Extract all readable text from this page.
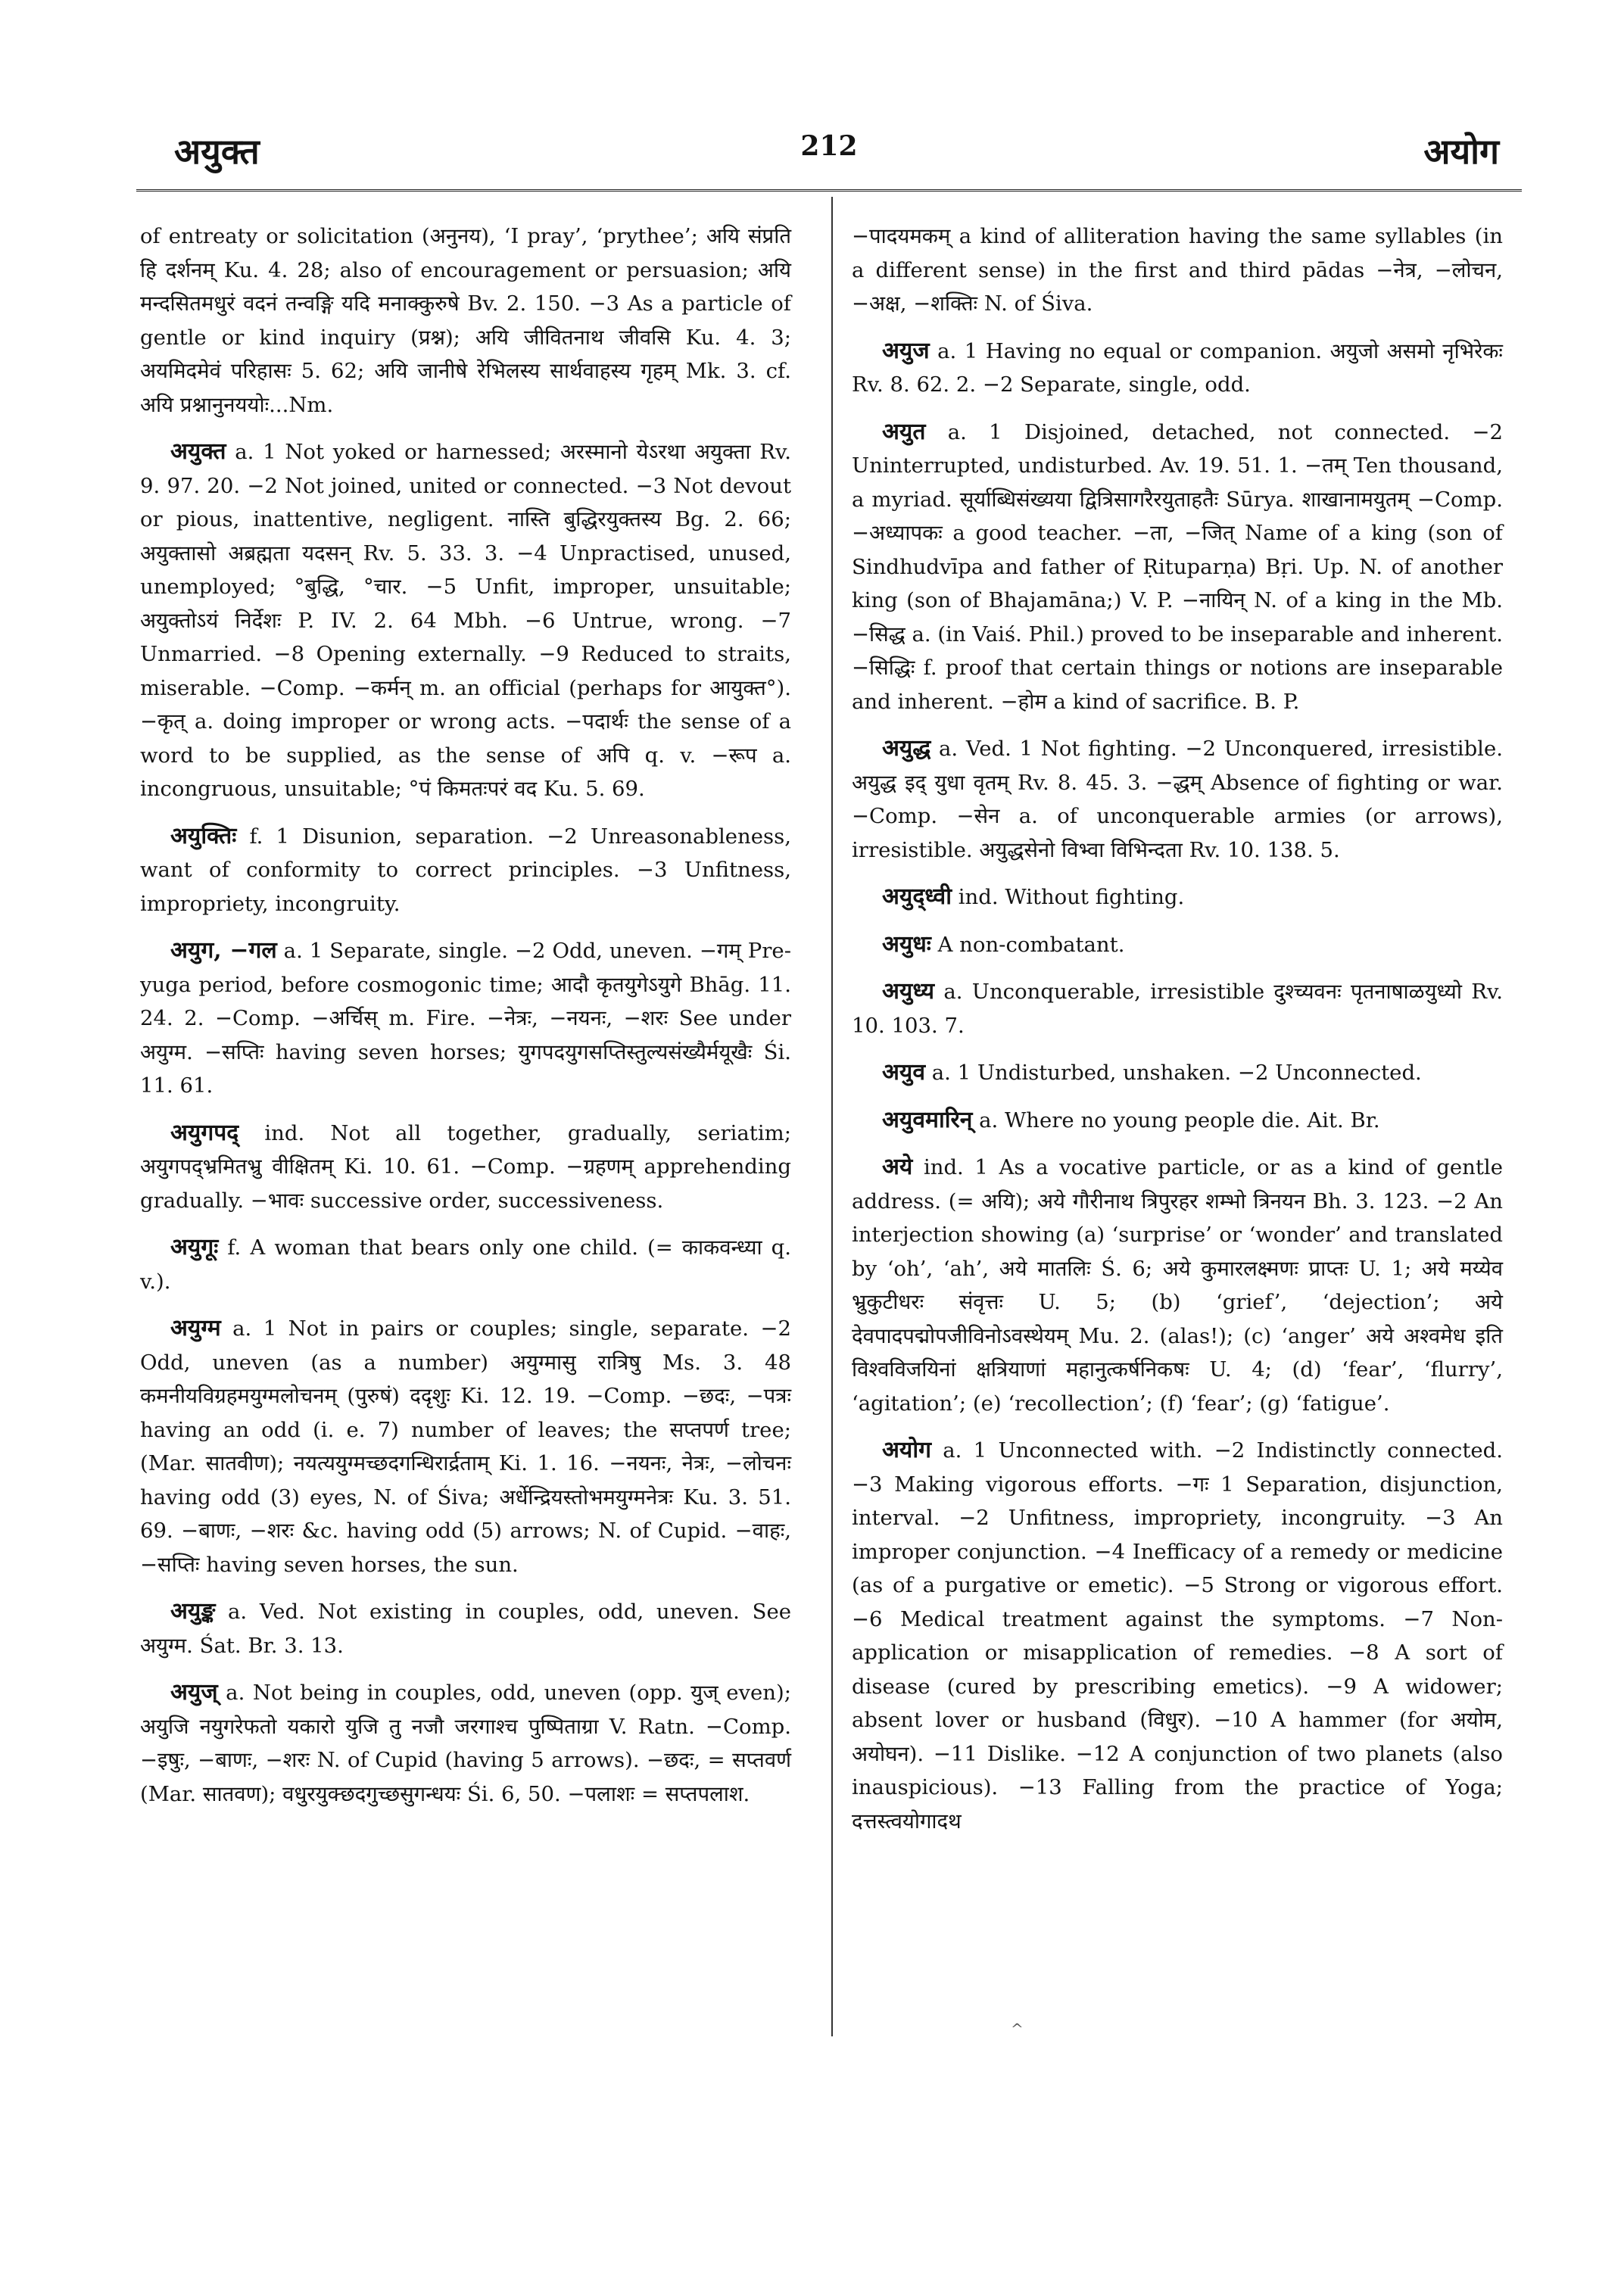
अयुक्त	212	अयोग

of entreaty or solicitation (अनुनय), ‘I pray’, ‘prythee’; अयि संप्रति हि दर्शनम् Ku. 4. 28; also of encouragement or persuasion; अयि मन्दसितमधुरं वदनं तन्वङ्गि यदि मनाक्कुरुषे Bv. 2. 150. −3 As a particle of gentle or kind inquiry (प्रश्न); अयि जीवितनाथ जीवसि Ku. 4. 3; अयमिदमेवं परिहासः 5. 62; अयि जानीषे रेभिलस्य सार्थवाहस्य गृहम् Mk. 3. cf. अयि प्रश्नानुनययोः...Nm.

अयुक्त a. 1 Not yoked or harnessed; अरस्मानो येऽरथा अयुक्ता Rv. 9. 97. 20. −2 Not joined, united or connected. −3 Not devout or pious, inattentive, negligent. नास्ति बुद्धिरयुक्तस्य Bg. 2. 66; अयुक्तासो अब्रह्मता यदसन् Rv. 5. 33. 3. −4 Unpractised, unused, unemployed; °बुद्धि, °चार. −5 Unfit, improper, unsuitable; अयुक्तोऽयं निर्देशः P. IV. 2. 64 Mbh. −6 Untrue, wrong. −7 Unmarried. −8 Opening externally. −9 Reduced to straits, miserable. −Comp. −कर्मन् m. an official (perhaps for आयुक्त°). −कृत् a. doing improper or wrong acts. −पदार्थः the sense of a word to be supplied, as the sense of अपि q. v. −रूप a. incongruous, unsuitable; °पं किमतःपरं वद Ku. 5. 69.

अयुक्तिः f. 1 Disunion, separation. −2 Unreasonableness, want of conformity to correct principles. −3 Unfitness, impropriety, incongruity.

अयुग, −गल a. 1 Separate, single. −2 Odd, uneven. −गम् Pre-yuga period, before cosmogonic time; आदौ कृतयुगेऽयुगे Bhāg. 11. 24. 2. −Comp. −अर्चिस् m. Fire. −नेत्रः, −नयनः, −शरः See under अयुग्म. −सप्तिः having seven horses; युगपदयुगसप्तिस्तुल्यसंख्यैर्मयूखैः Śi. 11. 61.

अयुगपद् ind. Not all together, gradually, seriatim; अयुगपद्भ्रमितभ्रु वीक्षितम् Ki. 10. 61. −Comp. −ग्रहणम् apprehending gradually. −भावः successive order, successiveness.

अयुगूः f. A woman that bears only one child. (= काकवन्ध्या q. v.).

अयुग्म a. 1 Not in pairs or couples; single, separate. −2 Odd, uneven (as a number) अयुग्मासु रात्रिषु Ms. 3. 48 कमनीयविग्रहमयुग्मलोचनम् (पुरुषं) ददृशुः Ki. 12. 19. −Comp. −छदः, −पत्रः having an odd (i. e. 7) number of leaves; the सप्तपर्ण tree; (Mar. सातवीण); नयत्ययुग्मच्छदगन्धिरार्द्रताम् Ki. 1. 16. −नयनः, नेत्रः, −लोचनः having odd (3) eyes, N. of Śiva; अर्धेन्द्रियस्तोभमयुग्मनेत्रः Ku. 3. 51. 69. −बाणः, −शरः &c. having odd (5) arrows; N. of Cupid. −वाहः, −सप्तिः having seven horses, the sun.

अयुङ्क a. Ved. Not existing in couples, odd, uneven. See अयुग्म. Śat. Br. 3. 13.

अयुज् a. Not being in couples, odd, uneven (opp. युज् even); अयुजि नयुगरेफतो यकारो युजि तु नजौ जरगाश्च पुष्पिताग्रा V. Ratn. −Comp. −इषुः, −बाणः, −शरः N. of Cupid (having 5 arrows). −छदः, = सप्तवर्ण (Mar. सातवण); वधुरयुक्छदगुच्छसुगन्धयः Śi. 6, 50. −पलाशः = सप्तपलाश.

−पादयमकम् a kind of alliteration having the same syllables (in a different sense) in the first and third pādas −नेत्र, −लोचन, −अक्ष, −शक्तिः N. of Śiva.

अयुज a. 1 Having no equal or companion. अयुजो असमो नृभिरेकः Rv. 8. 62. 2. −2 Separate, single, odd.

अयुत a. 1 Disjoined, detached, not connected. −2 Uninterrupted, undisturbed. Av. 19. 51. 1. −तम् Ten thousand, a myriad. सूर्याब्धिसंख्यया द्वित्रिसागरैरयुताहतैः Sūrya. शाखानामयुतम् −Comp. −अध्यापकः a good teacher. −ता, −जित् Name of a king (son of Sindhudvīpa and father of Ṛituparṇa) Bṛi. Up. N. of another king (son of Bhajamāna;) V. P. −नायिन् N. of a king in the Mb. −सिद्ध a. (in Vaiś. Phil.) proved to be inseparable and inherent. −सिद्धिः f. proof that certain things or notions are inseparable and inherent. −होम a kind of sacrifice. B. P.

अयुद्ध a. Ved. 1 Not fighting. −2 Unconquered, irresistible. अयुद्ध इद् युधा वृतम् Rv. 8. 45. 3. −द्धम् Absence of fighting or war. −Comp. −सेन a. of unconquerable armies (or arrows), irresistible. अयुद्धसेनो विभ्वा विभिन्दता Rv. 10. 138. 5.

अयुद्ध्वी ind. Without fighting.

अयुधः A non-combatant.

अयुध्य a. Unconquerable, irresistible दुश्च्यवनः पृतनाषाळयुध्यो Rv. 10. 103. 7.

अयुव a. 1 Undisturbed, unshaken. −2 Unconnected.

अयुवमारिन् a. Where no young people die. Ait. Br.

अये ind. 1 As a vocative particle, or as a kind of gentle address. (= अयि); अये गौरीनाथ त्रिपुरहर शम्भो त्रिनयन Bh. 3. 123. −2 An interjection showing (a) ‘surprise’ or ‘wonder’ and translated by ‘oh’, ‘ah’, अये मातलिः Ś. 6; अये कुमारलक्ष्मणः प्राप्तः U. 1; अये मय्येव भ्रुकुटीधरः संवृत्तः U. 5; (b) ‘grief’, ‘dejection’; अये देवपादपद्मोपजीविनोऽवस्थेयम् Mu. 2. (alas!); (c) ‘anger’ अये अश्वमेध इति विश्वविजयिनां क्षत्रियाणां महानुत्कर्षनिकषः U. 4; (d) ‘fear’, ‘flurry’, ‘agitation’; (e) ‘recollection’; (f) ‘fear’; (g) ‘fatigue’.

अयोग a. 1 Unconnected with. −2 Indistinctly connected. −3 Making vigorous efforts. −गः 1 Separation, disjunction, interval. −2 Unfitness, impropriety, incongruity. −3 An improper conjunction. −4 Inefficacy of a remedy or medicine (as of a purgative or emetic). −5 Strong or vigorous effort. −6 Medical treatment against the symptoms. −7 Non-application or misapplication of remedies. −8 A sort of disease (cured by prescribing emetics). −9 A widower; absent lover or husband (विधुर). −10 A hammer (for अयोम, अयोघन). −11 Dislike. −12 A conjunction of two planets (also inauspicious). −13 Falling from the practice of Yoga; दत्तस्त्वयोगादथ

^
